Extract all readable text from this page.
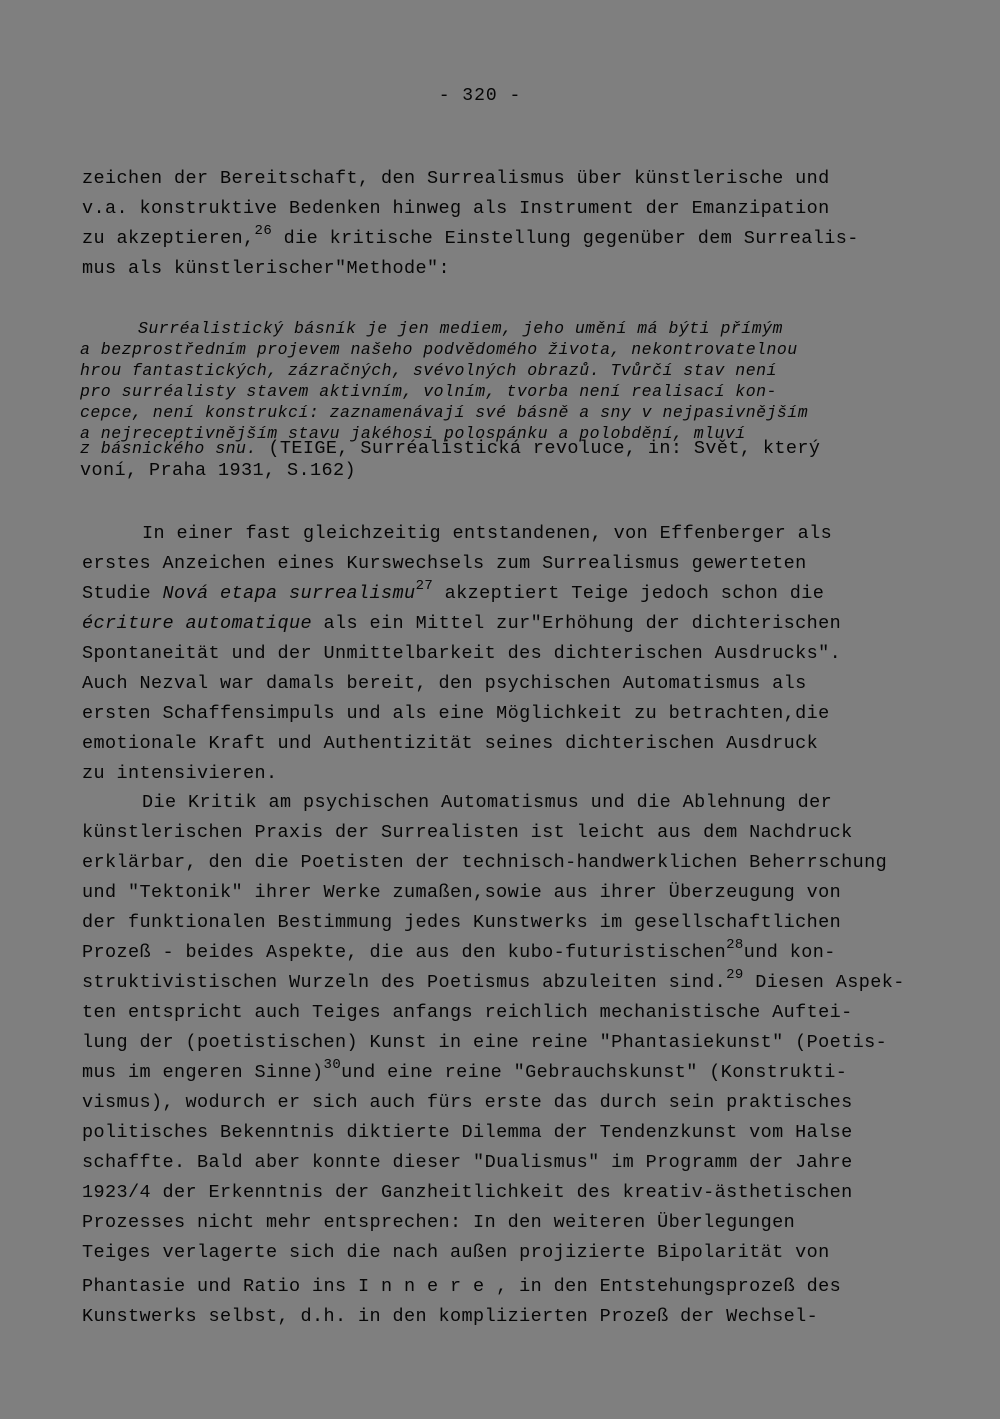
- 320 -
zeichen der Bereitschaft, den Surrealismus über künstlerische und
v.a. konstruktive Bedenken hinweg als Instrument der Emanzipation
zu akzeptieren,$^{26}$ die kritische Einstellung gegenüber dem Surrealis-
mus als künstlerischer"Methode":
Surréalistický básník je jen mediem, jeho umění má býti přímým
a bezprostředním projevem našeho podvědomého života, nekontrovatelnou
hrou fantastických, zázračných, svévolných obrazů. Tvůrčí stav není
pro surréalisty stavem aktivním, volním, tvorba není realisací kon-
cepce, není konstrukcí: zaznamenávají své básně a sny v nejpasivnějším
a nejreceptivnějším stavu jakéhosi polospánku a polobdění, mluví
z básnického snu. (TEIGE, Surréalistická revoluce, in: Svět, který
voní, Praha 1931, S.162)
In einer fast gleichzeitig entstandenen, von Effenberger als
erstes Anzeichen eines Kurswechsels zum Surrealismus gewerteten
Studie Nová etapa surrealismu$^{27}$ akzeptiert Teige jedoch schon die
écriture automatique als ein Mittel zur"Erhöhung der dichterischen
Spontaneität und der Unmittelbarkeit des dichterischen Ausdrucks".
Auch Nezval war damals bereit, den psychischen Automatismus als
ersten Schaffensimpuls und als eine Möglichkeit zu betrachten,die
emotionale Kraft und Authentizität seines dichterischen Ausdruck
zu intensivieren.
Die Kritik am psychischen Automatismus und die Ablehnung der
künstlerischen Praxis der Surrealisten ist leicht aus dem Nachdruck
erklärbar, den die Poetisten der technisch-handwerklichen Beherrschung
und "Tektonik" ihrer Werke zumaßen,sowie aus ihrer Überzeugung von
der funktionalen Bestimmung jedes Kunstwerks im gesellschaftlichen
Prozeß - beides Aspekte, die aus den kubo-futuristischen$^{28}$und kon-
struktivistischen Wurzeln des Poetismus abzuleiten sind.$^{29}$ Diesen Aspek-
ten entspricht auch Teiges anfangs reichlich mechanistische Auftei-
lung der (poetistischen) Kunst in eine reine "Phantasiekunst" (Poetis-
mus im engeren Sinne)$^{30}$und eine reine "Gebrauchskunst" (Konstrukti-
vismus), wodurch er sich auch fürs erste das durch sein praktisches
politisches Bekenntnis diktierte Dilemma der Tendenzkunst vom Halse
schaffte. Bald aber konnte dieser "Dualismus" im Programm der Jahre
1923/4 der Erkenntnis der Ganzheitlichkeit des kreativ-ästhetischen
Prozesses nicht mehr entsprechen: In den weiteren Überlegungen
Teiges verlagerte sich die nach außen projizierte Bipolarität von
Phantasie und Ratio ins I n n e r e , in den Entstehungsprozeß des
Kunstwerks selbst, d.h. in den komplizierten Prozeß der Wechsel-
